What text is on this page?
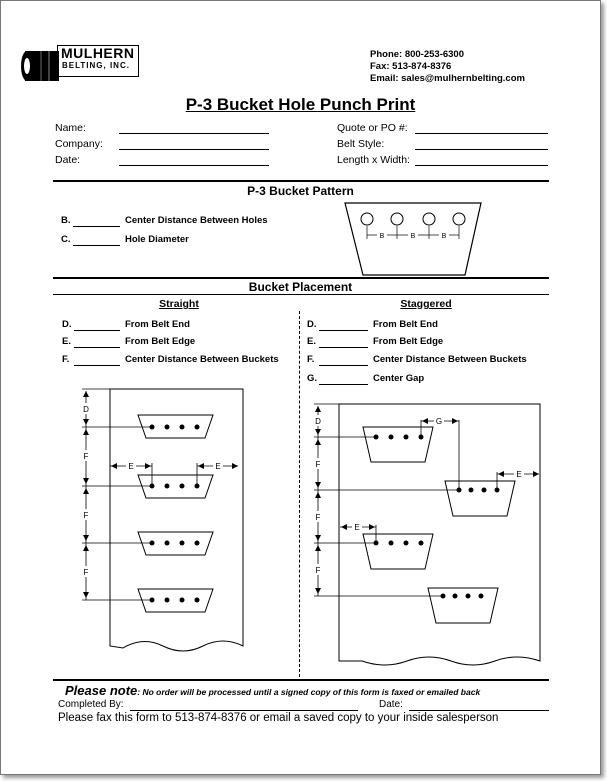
MULHERN
BELTING, INC.
Phone: 800-253-6300
Fax: 513-874-8376
Email: sales@mulhernbelting.com
P-3 Bucket Hole Punch Print
Name:
Company:
Date:
Quote or PO #:
Belt Style:
Length x Width:
P-3 Bucket Pattern
B.	Center Distance Between Holes
C.	Hole Diameter	B	B	B
Bucket Placement
Straight	Staggered
D.	From Belt End
E.	From Belt Edge
F.	Center Distance Between Buckets
D.	From Belt End
E.	From Belt Edge
F.	Center Distance Between Buckets
G.	Center Gap
D
F
F
F
E	E
D
F
F
F
G
E
E
Please note: No order will be processed until a signed copy of this form is faxed or emailed back
Completed By:	Date:
Please fax this form to 513-874-8376 or email a saved copy to your inside salesperson
